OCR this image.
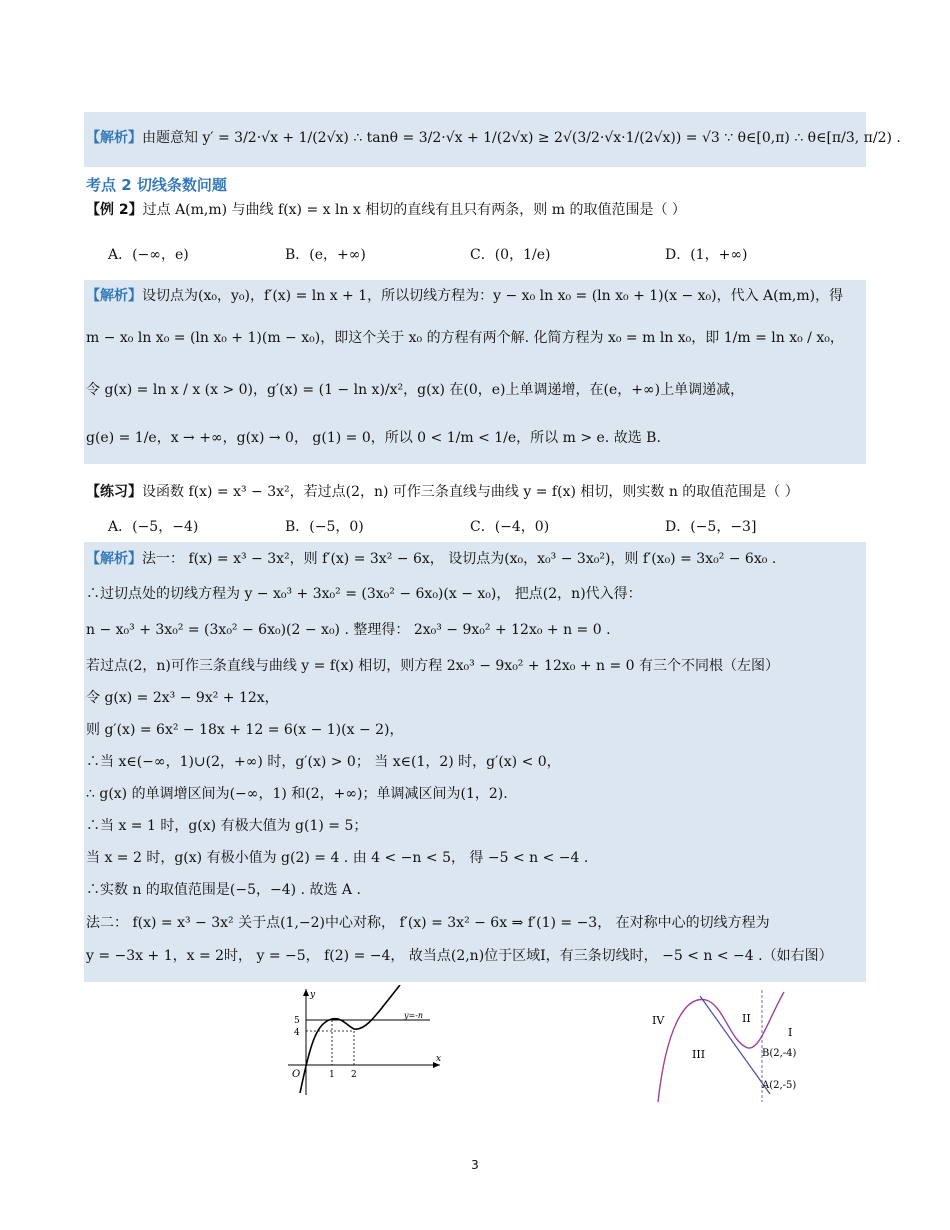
【解析】由题意知 y′ = 3/2·√x + 1/(2√x) ∴ tanθ = 3/2·√x + 1/(2√x) ≥ 2√(3/2·√x·1/(2√x)) = √3 ∵ θ∈[0,π) ∴ θ∈[π/3, π/2) .
考点 2 切线条数问题
【例 2】过点 A(m,m) 与曲线 f(x) = x ln x 相切的直线有且只有两条，则 m 的取值范围是（ ）
A．(−∞，e)	B．(e，+∞)	C．(0，1/e)	D．(1，+∞)
【解析】设切点为(x₀，y₀)，f′(x) = ln x + 1，所以切线方程为：y − x₀ ln x₀ = (ln x₀ + 1)(x − x₀)，代入 A(m,m)，得
m − x₀ ln x₀ = (ln x₀ + 1)(m − x₀)，即这个关于 x₀ 的方程有两个解. 化简方程为 x₀ = m ln x₀，即 1/m = ln x₀ / x₀，
令 g(x) = ln x / x (x > 0)，g′(x) = (1 − ln x)/x²，g(x) 在(0，e)上单调递增，在(e，+∞)上单调递减，
g(e) = 1/e，x → +∞，g(x) → 0， g(1) = 0，所以 0 < 1/m < 1/e，所以 m > e. 故选 B.
【练习】设函数 f(x) = x³ − 3x²，若过点(2，n) 可作三条直线与曲线 y = f(x) 相切，则实数 n 的取值范围是（ ）
A．(−5，−4)	B．(−5，0)	C．(−4，0)	D．(−5，−3]
【解析】法一： f(x) = x³ − 3x²，则 f′(x) = 3x² − 6x， 设切点为(x₀，x₀³ − 3x₀²)，则 f′(x₀) = 3x₀² − 6x₀ .
∴过切点处的切线方程为 y − x₀³ + 3x₀² = (3x₀² − 6x₀)(x − x₀)， 把点(2，n)代入得：
n − x₀³ + 3x₀² = (3x₀² − 6x₀)(2 − x₀) . 整理得： 2x₀³ − 9x₀² + 12x₀ + n = 0 .
若过点(2，n)可作三条直线与曲线 y = f(x) 相切，则方程 2x₀³ − 9x₀² + 12x₀ + n = 0 有三个不同根（左图）
令 g(x) = 2x³ − 9x² + 12x，
则 g′(x) = 6x² − 18x + 12 = 6(x − 1)(x − 2)，
∴当 x∈(−∞，1)∪(2，+∞) 时，g′(x) > 0； 当 x∈(1，2) 时，g′(x) < 0，
∴ g(x) 的单调增区间为(−∞，1) 和(2，+∞)；单调减区间为(1，2).
∴当 x = 1 时，g(x) 有极大值为 g(1) = 5；
当 x = 2 时，g(x) 有极小值为 g(2) = 4 . 由 4 < −n < 5， 得 −5 < n < −4 .
∴实数 n 的取值范围是(−5，−4) . 故选 A .
法二： f(x) = x³ − 3x² 关于点(1,−2)中心对称， f′(x) = 3x² − 6x ⇒ f′(1) = −3， 在对称中心的切线方程为
y = −3x + 1，x = 2时， y = −5， f(2) = −4， 故当点(2,n)位于区域Ⅰ，有三条切线时， −5 < n < −4 .（如右图）
y
x
O	1 2
5
4
y=-n	IV	II
I
III	B(2,-4)
A(2,-5)
3
